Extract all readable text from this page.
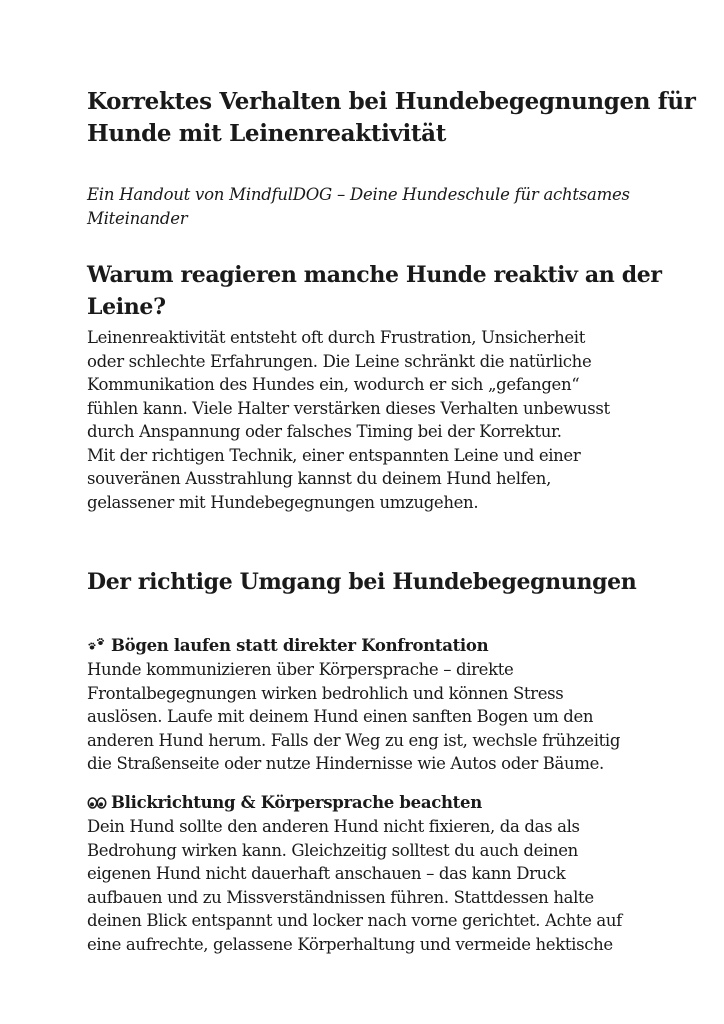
Korrektes Verhalten bei Hundebegegnungen für
Hunde mit Leinenreaktivität
Ein Handout von MindfulDOG – Deine Hundeschule für achtsames
Miteinander
Warum reagieren manche Hunde reaktiv an der
Leine?
Leinenreaktivität entsteht oft durch Frustration, Unsicherheit
oder schlechte Erfahrungen. Die Leine schränkt die natürliche
Kommunikation des Hundes ein, wodurch er sich „gefangen“
fühlen kann. Viele Halter verstärken dieses Verhalten unbewusst
durch Anspannung oder falsches Timing bei der Korrektur.
Mit der richtigen Technik, einer entspannten Leine und einer
souveränen Ausstrahlung kannst du deinem Hund helfen,
gelassener mit Hundebegegnungen umzugehen.
Der richtige Umgang bei Hundebegegnungen
Bögen laufen statt direkter Konfrontation
Hunde kommunizieren über Körpersprache – direkte
Frontalbegegnungen wirken bedrohlich und können Stress
auslösen. Laufe mit deinem Hund einen sanften Bogen um den
anderen Hund herum. Falls der Weg zu eng ist, wechsle frühzeitig
die Straßenseite oder nutze Hindernisse wie Autos oder Bäume.
Blickrichtung & Körpersprache beachten
Dein Hund sollte den anderen Hund nicht fixieren, da das als
Bedrohung wirken kann. Gleichzeitig solltest du auch deinen
eigenen Hund nicht dauerhaft anschauen – das kann Druck
aufbauen und zu Missverständnissen führen. Stattdessen halte
deinen Blick entspannt und locker nach vorne gerichtet. Achte auf
eine aufrechte, gelassene Körperhaltung und vermeide hektische
